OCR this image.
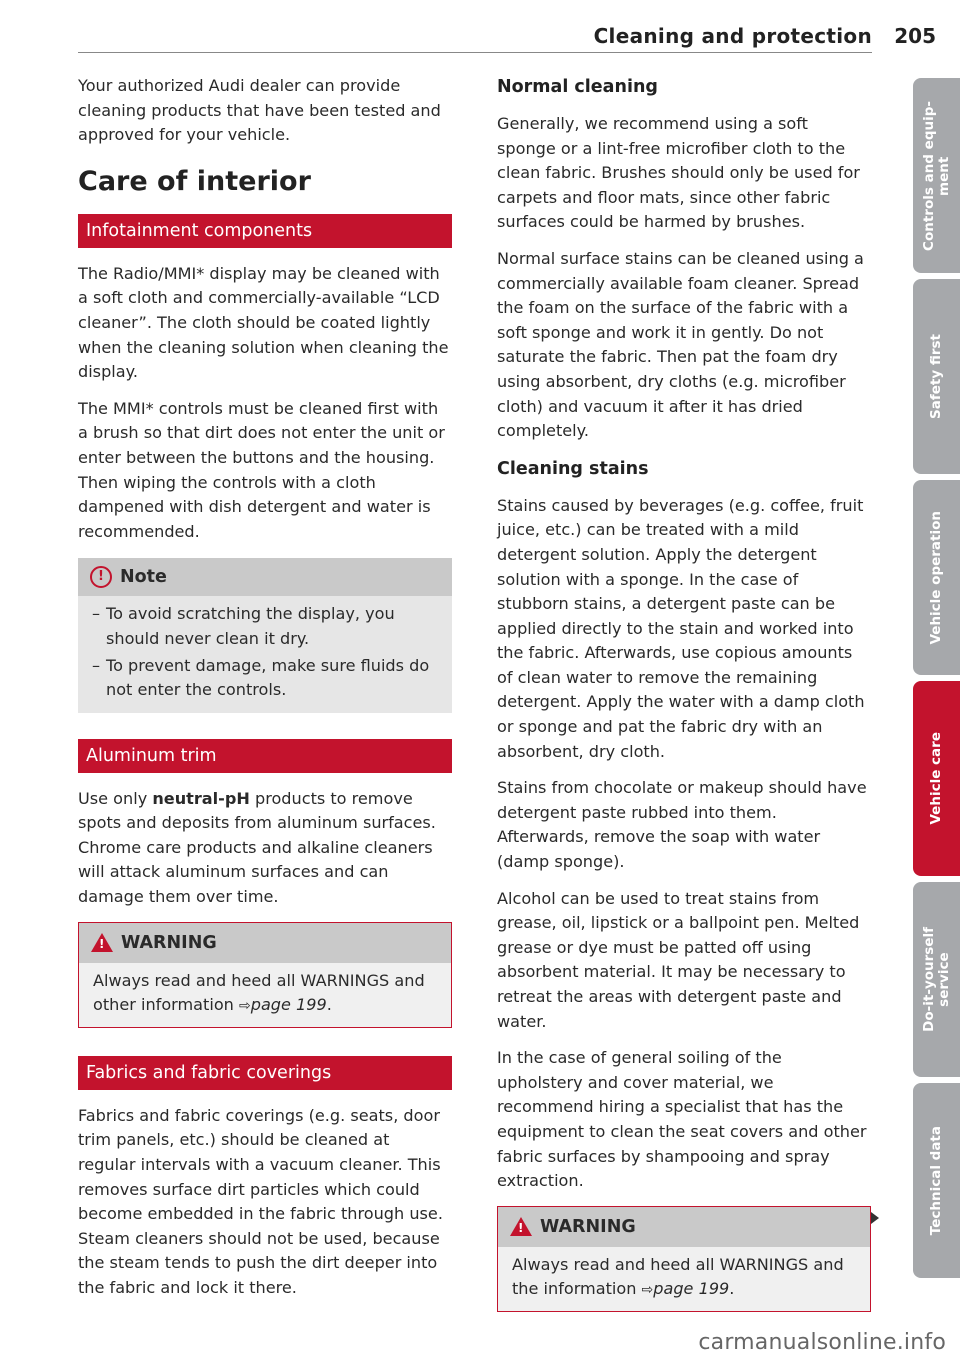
Cleaning and protection 205

Your authorized Audi dealer can provide cleaning products that have been tested and approved for your vehicle.

Care of interior
Infotainment components

The Radio/MMI* display may be cleaned with a soft cloth and commercially-available “LCD cleaner”. The cloth should be coated lightly when the cleaning solution when cleaning the display.

The MMI* controls must be cleaned first with a brush so that dirt does not enter the unit or enter between the buttons and the housing. Then wiping the controls with a cloth dampened with dish detergent and water is recommended.

! Note
– To avoid scratching the display, you should never clean it dry.
– To prevent damage, make sure fluids do not enter the controls.
Aluminum trim

Use only neutral-pH products to remove spots and deposits from aluminum surfaces. Chrome care products and alkaline cleaners will attack aluminum surfaces and can damage them over time.

! WARNING
Always read and heed all WARNINGS and other information ⇨page 199.
Fabrics and fabric coverings

Fabrics and fabric coverings (e.g. seats, door trim panels, etc.) should be cleaned at regular intervals with a vacuum cleaner. This removes surface dirt particles which could become embedded in the fabric through use. Steam cleaners should not be used, because the steam tends to push the dirt deeper into the fabric and lock it there.

Normal cleaning

Generally, we recommend using a soft sponge or a lint-free microfiber cloth to the clean fabric. Brushes should only be used for carpets and floor mats, since other fabric surfaces could be harmed by brushes.

Normal surface stains can be cleaned using a commercially available foam cleaner. Spread the foam on the surface of the fabric with a soft sponge and work it in gently. Do not saturate the fabric. Then pat the foam dry using absorbent, dry cloths (e.g. microfiber cloth) and vacuum it after it has dried completely.

Cleaning stains

Stains caused by beverages (e.g. coffee, fruit juice, etc.) can be treated with a mild detergent solution. Apply the detergent solution with a sponge. In the case of stubborn stains, a detergent paste can be applied directly to the stain and worked into the fabric. Afterwards, use copious amounts of clean water to remove the remaining detergent. Apply the water with a damp cloth or sponge and pat the fabric dry with an absorbent, dry cloth.

Stains from chocolate or makeup should have detergent paste rubbed into them. Afterwards, remove the soap with water (damp sponge).

Alcohol can be used to treat stains from grease, oil, lipstick or a ballpoint pen. Melted grease or dye must be patted off using absorbent material. It may be necessary to retreat the areas with detergent paste and water.

In the case of general soiling of the upholstery and cover material, we recommend hiring a specialist that has the equipment to clean the seat covers and other fabric surfaces by shampooing and spray extraction.

! WARNING
Always read and heed all WARNINGS and the information ⇨page 199.
Controls and equip-
ment
Safety first
Vehicle operation
Vehicle care
Do-it-yourself
service
Technical data
carmanualsonline.info
